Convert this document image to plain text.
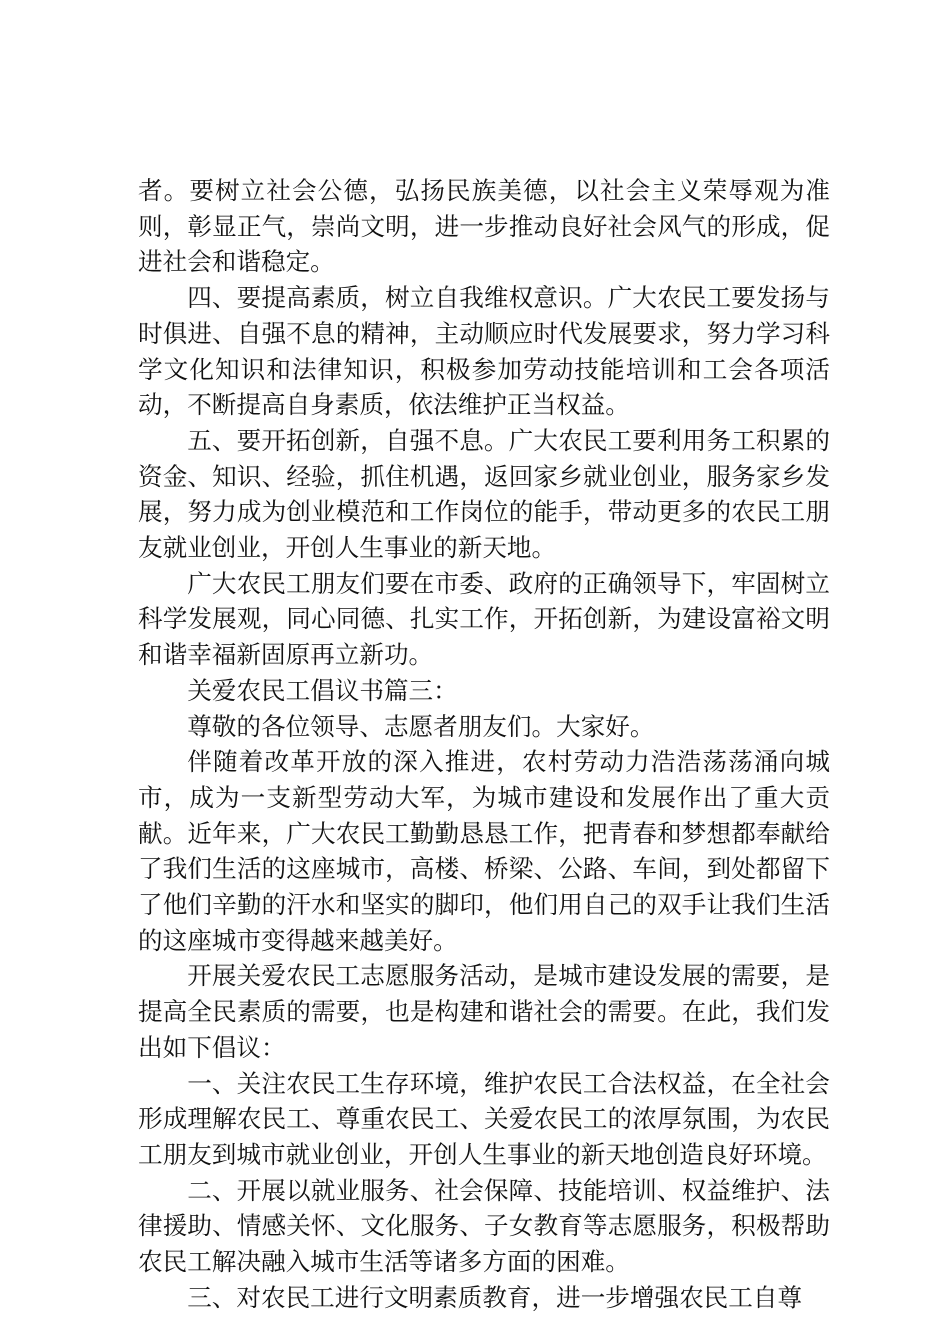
者。要树立社会公德，弘扬民族美德，以社会主义荣辱观为准则，彰显正气，崇尚文明，进一步推动良好社会风气的形成，促进社会和谐稳定。

四、要提高素质，树立自我维权意识。广大农民工要发扬与时俱进、自强不息的精神，主动顺应时代发展要求，努力学习科学文化知识和法律知识，积极参加劳动技能培训和工会各项活动，不断提高自身素质，依法维护正当权益。

五、要开拓创新，自强不息。广大农民工要利用务工积累的资金、知识、经验，抓住机遇，返回家乡就业创业，服务家乡发展，努力成为创业模范和工作岗位的能手，带动更多的农民工朋友就业创业，开创人生事业的新天地。

广大农民工朋友们要在市委、政府的正确领导下，牢固树立科学发展观，同心同德、扎实工作，开拓创新，为建设富裕文明和谐幸福新固原再立新功。

关爱农民工倡议书篇三：

尊敬的各位领导、志愿者朋友们。大家好。

伴随着改革开放的深入推进，农村劳动力浩浩荡荡涌向城市，成为一支新型劳动大军，为城市建设和发展作出了重大贡献。近年来，广大农民工勤勤恳恳工作，把青春和梦想都奉献给了我们生活的这座城市，高楼、桥梁、公路、车间，到处都留下了他们辛勤的汗水和坚实的脚印，他们用自己的双手让我们生活的这座城市变得越来越美好。

开展关爱农民工志愿服务活动，是城市建设发展的需要，是提高全民素质的需要，也是构建和谐社会的需要。在此，我们发出如下倡议：

一、关注农民工生存环境，维护农民工合法权益，在全社会形成理解农民工、尊重农民工、关爱农民工的浓厚氛围，为农民工朋友到城市就业创业，开创人生事业的新天地创造良好环境。

二、开展以就业服务、社会保障、技能培训、权益维护、法律援助、情感关怀、文化服务、子女教育等志愿服务，积极帮助农民工解决融入城市生活等诸多方面的困难。

三、对农民工进行文明素质教育，进一步增强农民工自尊
